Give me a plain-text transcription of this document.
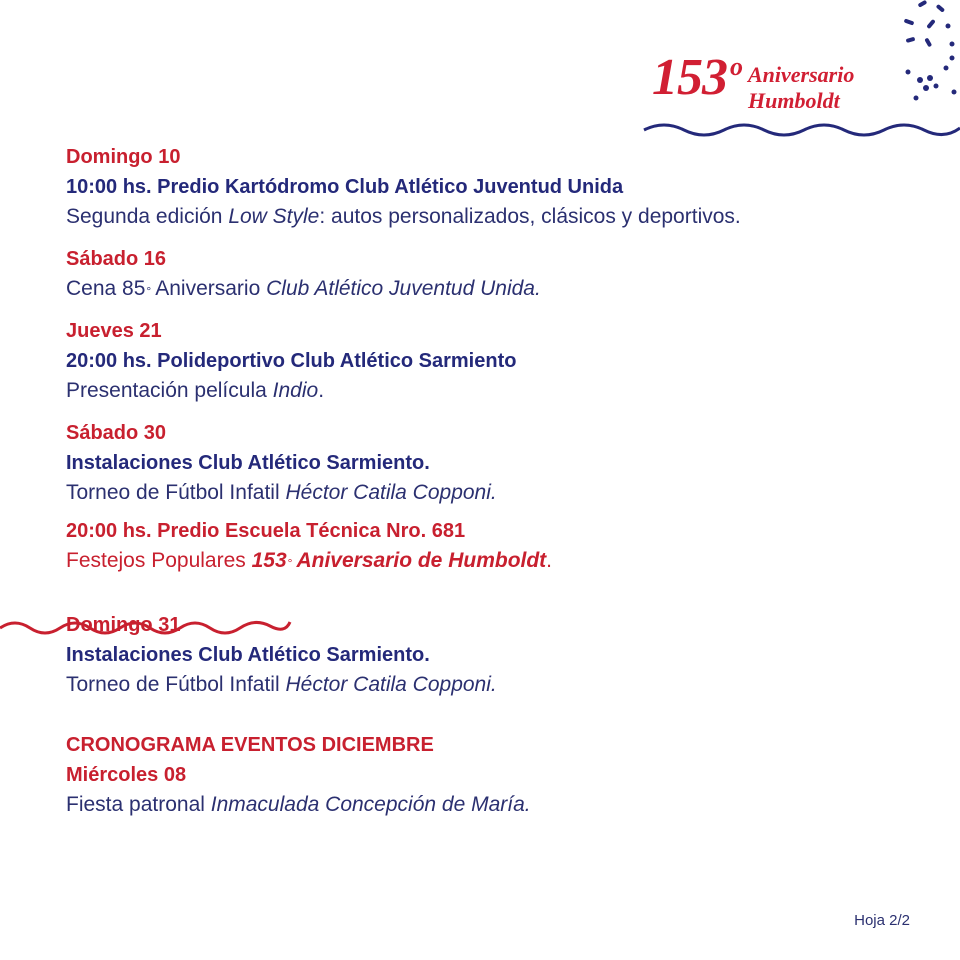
153 o Aniversario
Humboldt
Domingo 10
10:00 hs. Predio Kartódromo Club Atlético Juventud Unida
Segunda edición Low Style: autos personalizados, clásicos y deportivos.
Sábado 16
Cena 85° Aniversario Club Atlético Juventud Unida.
Jueves 21
20:00 hs. Polideportivo Club Atlético Sarmiento
Presentación película Indio.
Sábado 30
Instalaciones Club Atlético Sarmiento.
Torneo de Fútbol Infatil Héctor Catila Copponi.
20:00 hs. Predio Escuela Técnica Nro. 681
Festejos Populares 153° Aniversario de Humboldt.
Domingo 31
Instalaciones Club Atlético Sarmiento.
Torneo de Fútbol Infatil Héctor Catila Copponi.
CRONOGRAMA EVENTOS DICIEMBRE
Miércoles 08
Fiesta patronal Inmaculada Concepción de María.
Hoja 2/2
